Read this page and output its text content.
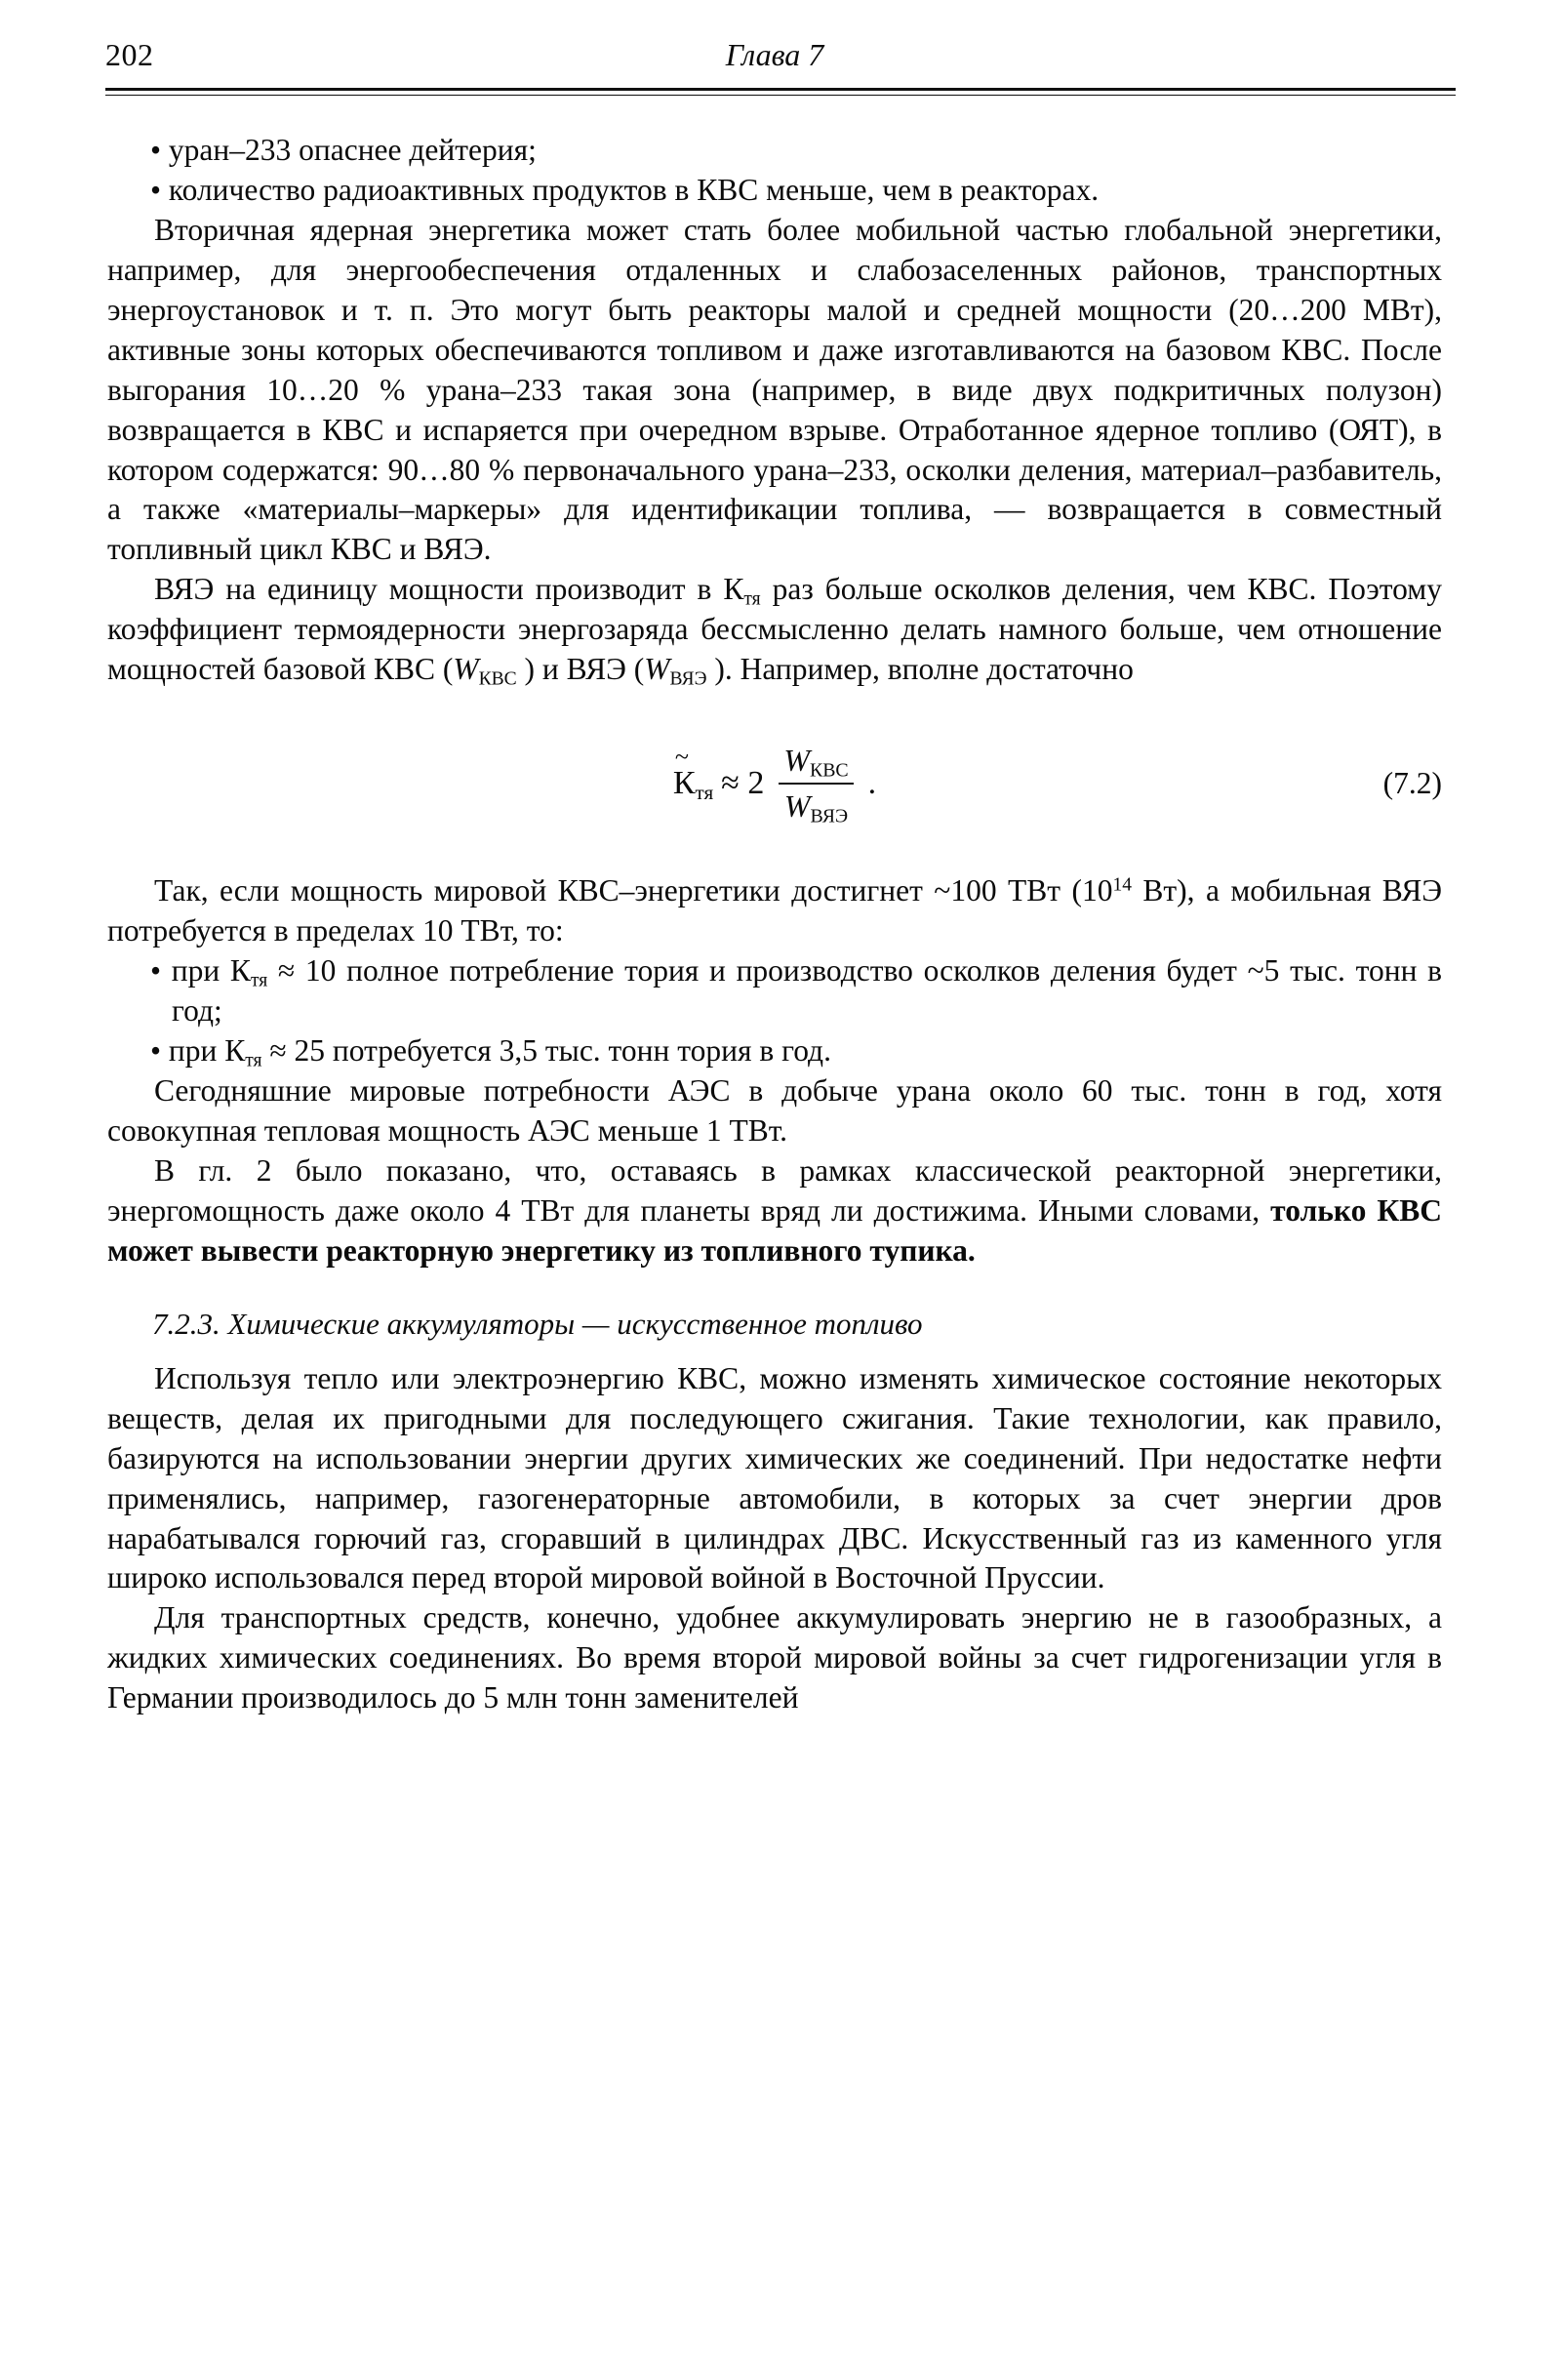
202	Глава 7
• уран–233 опаснее дейтерия;
• количество радиоактивных продуктов в КВС меньше, чем в реакторах.

Вторичная ядерная энергетика может стать более мобильной частью глобальной энергетики, например, для энергообеспечения отдаленных и слабозаселенных районов, транспортных энергоустановок и т. п. Это могут быть реакторы малой и средней мощности (20…200 МВт), активные зоны которых обеспечиваются топливом и даже изготавливаются на базовом КВС. После выгорания 10…20 % урана–233 такая зона (например, в виде двух подкритичных полузон) возвращается в КВС и испаряется при очередном взрыве. Отработанное ядерное топливо (ОЯТ), в котором содержатся: 90…80 % первоначального урана–233, осколки деления, материал–разбавитель, а также «материалы–маркеры» для идентификации топлива, — возвращается в совместный топливный цикл КВС и ВЯЭ.

ВЯЭ на единицу мощности производит в $К_{тя}$ раз больше осколков деления, чем КВС. Поэтому коэффициент термоядерности энергозаряда бессмысленно делать намного больше, чем отношение мощностей базовой КВС ($W_{КВС}$ ) и ВЯЭ ($W_{ВЯЭ}$ ). Например, вполне достаточно

~
$К_{тя} \approx 2 \frac{W_{КВС}}{W_{ВЯЭ}}$ .	(7.2)

Так, если мощность мировой КВС–энергетики достигнет ~100 ТВт ($10^{14}$ Вт), а мобильная ВЯЭ потребуется в пределах 10 ТВт, то:

• при $К_{тя} \approx 10$ полное потребление тория и производство осколков деления будет ~5 тыс. тонн в год;
• при $К_{тя} \approx 25$ потребуется 3,5 тыс. тонн тория в год.

Сегодняшние мировые потребности АЭС в добыче урана около 60 тыс. тонн в год, хотя совокупная тепловая мощность АЭС меньше 1 ТВт.

В гл. 2 было показано, что, оставаясь в рамках классической реакторной энергетики, энергомощность даже около 4 ТВт для планеты вряд ли достижима. Иными словами, только КВС может вывести реакторную энергетику из топливного тупика.

7.2.3. Химические аккумуляторы — искусственное топливо

Используя тепло или электроэнергию КВС, можно изменять химическое состояние некоторых веществ, делая их пригодными для последующего сжигания. Такие технологии, как правило, базируются на использовании энергии других химических же соединений. При недостатке нефти применялись, например, газогенераторные автомобили, в которых за счет энергии дров нарабатывался горючий газ, сгоравший в цилиндрах ДВС. Искусственный газ из каменного угля широко использовался перед второй мировой войной в Восточной Пруссии.

Для транспортных средств, конечно, удобнее аккумулировать энергию не в газообразных, а жидких химических соединениях. Во время второй мировой войны за счет гидрогенизации угля в Германии производилось до 5 млн тонн заменителей
